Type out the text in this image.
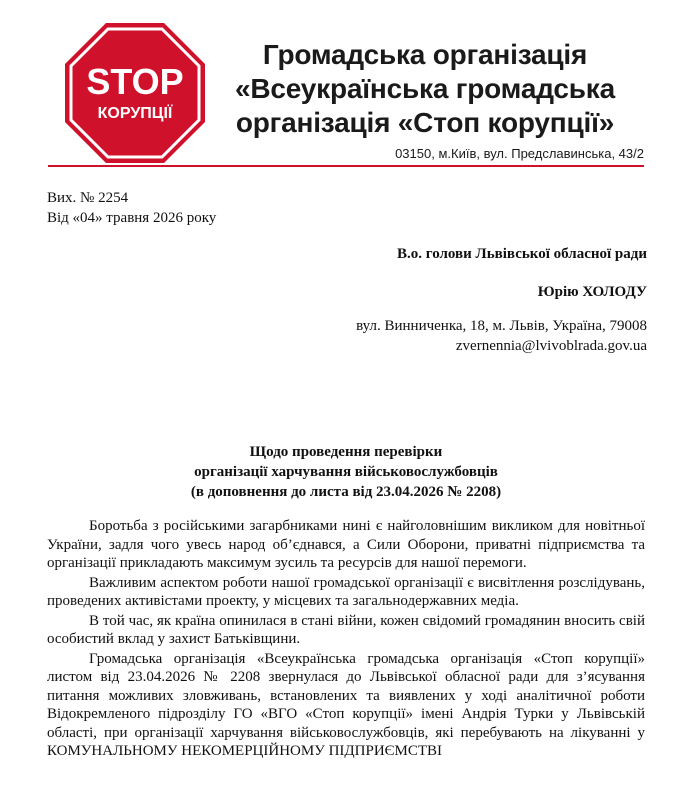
STOP
КОРУПЦІЇ
Громадська організація
«Всеукраїнська громадська
організація «Стоп корупції»
03150, м.Київ, вул. Предславинська, 43/2
Вих. № 2254
Від «04» травня 2026 року
В.о. голови Львівської обласної ради
Юрію ХОЛОДУ
вул. Винниченка, 18, м. Львів, Україна, 79008
zvernennia@lvivoblrada.gov.ua
Щодо проведення перевірки
організації харчування військовослужбовців
(в доповнення до листа від 23.04.2026 № 2208)

Боротьба з російськими загарбниками нині є найголовнішим викликом для новітньої України, задля чого увесь народ об’єднався, а Сили Оборони, приватні підприємства та організації прикладають максимум зусиль та ресурсів для нашої перемоги.

Важливим аспектом роботи нашої громадської організації є висвітлення розслідувань, проведених активістами проекту, у місцевих та загальнодержавних медіа.

В той час, як країна опинилася в стані війни, кожен свідомий громадянин вносить свій особистий вклад у захист Батьківщини.

Громадська організація «Всеукраїнська громадська організація «Стоп корупції» листом від 23.04.2026 № 2208 звернулася до Львівської обласної ради для з’ясування питання можливих зловживань, встановлених та виявлених у ході аналітичної роботи Відокремленого підрозділу ГО «ВГО «Стоп корупції» імені Андрія Турки у Львівській області, при організації харчування військовослужбовців, які перебувають на лікуванні у КОМУНАЛЬНОМУ НЕКОМЕРЦІЙНОМУ ПІДПРИЄМСТВІ
